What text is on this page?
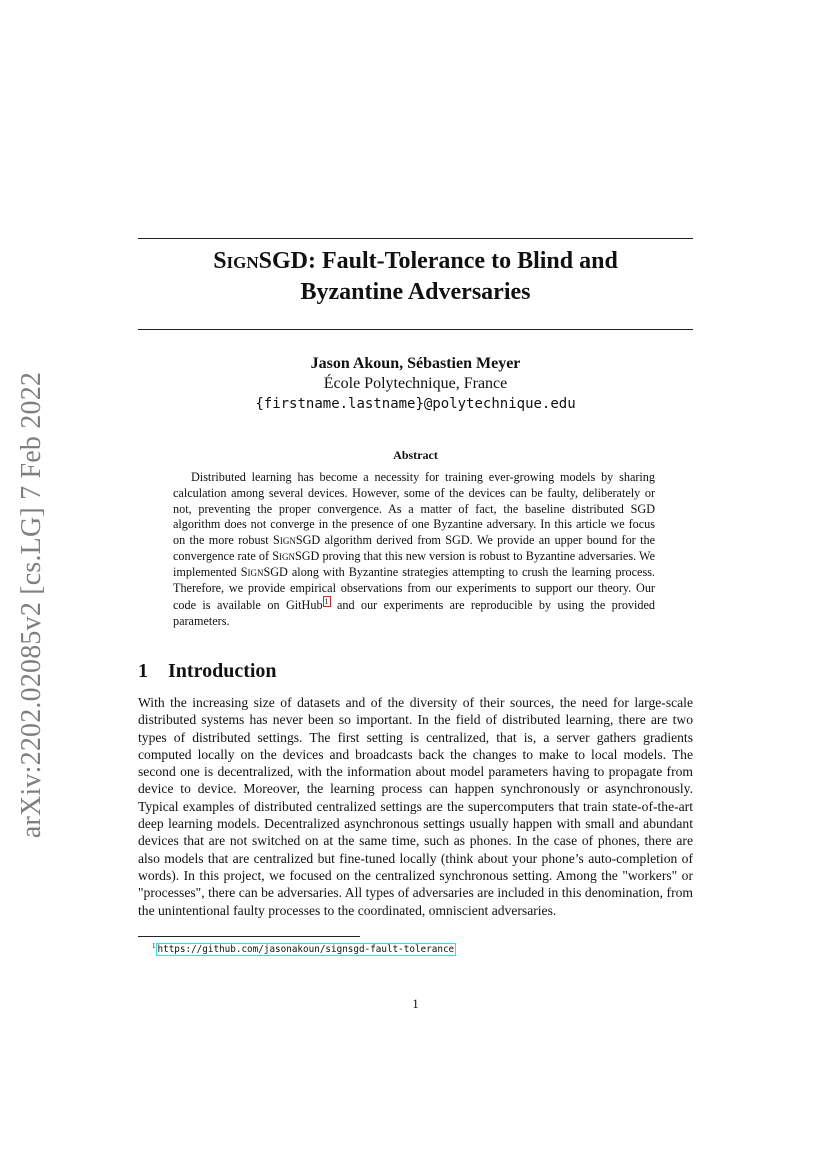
arXiv:2202.02085v2 [cs.LG] 7 Feb 2022
SignSGD: Fault-Tolerance to Blind and
Byzantine Adversaries
Jason Akoun, Sébastien Meyer
École Polytechnique, France
{firstname.lastname}@polytechnique.edu
Abstract

Distributed learning has become a necessity for training ever-growing models by sharing calculation among several devices. However, some of the devices can be faulty, deliberately or not, preventing the proper convergence. As a matter of fact, the baseline distributed SGD algorithm does not converge in the presence of one Byzantine adversary. In this article we focus on the more robust SignSGD algorithm derived from SGD. We provide an upper bound for the convergence rate of SignSGD proving that this new version is robust to Byzantine adversaries. We implemented SignSGD along with Byzantine strategies attempting to crush the learning process. Therefore, we provide empirical observations from our experiments to support our theory. Our code is available on GitHub 1 and our experiments are reproducible by using the provided parameters.

1 Introduction

With the increasing size of datasets and of the diversity of their sources, the need for large-scale distributed systems has never been so important. In the field of distributed learning, there are two types of distributed settings. The first setting is centralized, that is, a server gathers gradients computed locally on the devices and broadcasts back the changes to make to local models. The second one is decentralized, with the information about model parameters having to propagate from device to device. Moreover, the learning process can happen synchronously or asynchronously. Typical examples of distributed centralized settings are the supercomputers that train state-of-the-art deep learning models. Decentralized asynchronous settings usually happen with small and abundant devices that are not switched on at the same time, such as phones. In the case of phones, there are also models that are centralized but fine-tuned locally (think about your phone’s auto-completion of words). In this project, we focused on the centralized synchronous setting. Among the "workers" or "processes", there can be adversaries. All types of adversaries are included in this denomination, from the unintentional faulty processes to the coordinated, omniscient adversaries.

$^1$ https://github.com/jasonakoun/signsgd-fault-tolerance
1
